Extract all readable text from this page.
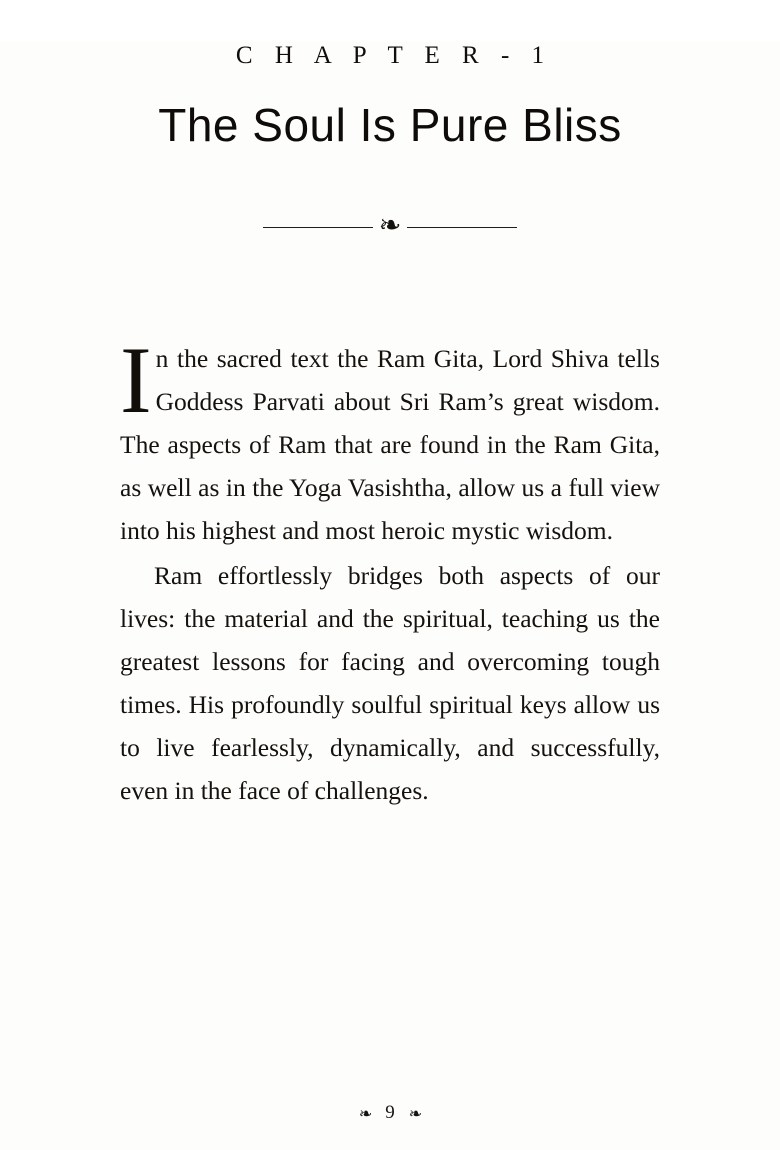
C H A P T E R - 1
The Soul Is Pure Bliss
❧

In the sacred text the Ram Gita, Lord Shiva tells Goddess Parvati about Sri Ram’s great wisdom. The aspects of Ram that are found in the Ram Gita, as well as in the Yoga Vasishtha, allow us a full view into his highest and most heroic mystic wisdom.

Ram effortlessly bridges both aspects of our lives: the material and the spiritual, teaching us the greatest lessons for facing and overcoming tough times. His profoundly soulful spiritual keys allow us to live fearlessly, dynamically, and successfully, even in the face of challenges.

❧ 9 ❧
